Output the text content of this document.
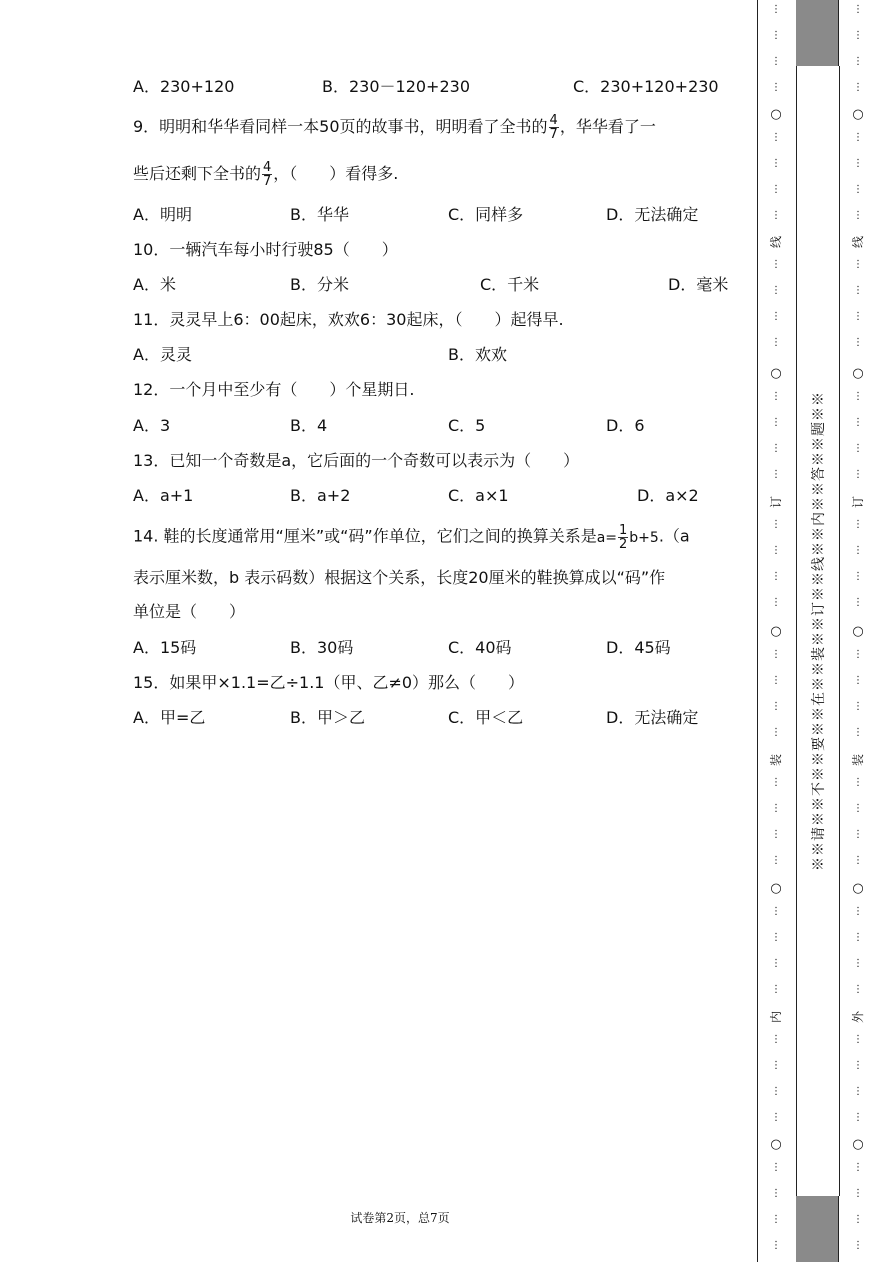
A．230+120	B．230－120+230	C．230+120+230
9．明明和华华看同样一本50页的故事书，明明看了全书的 $\frac{4}{7}$ ，华华看了一
些后还剩下全书的 $\frac{4}{7}$ ，（　　）看得多.
A．明明	B．华华	C．同样多	D．无法确定
10．一辆汽车每小时行驶85（　　）
A．米	B．分米	C．千米	D．毫米
11．灵灵早上6：00起床，欢欢6：30起床，（　　）起得早.
A．灵灵	B．欢欢
12．一个月中至少有（　　）个星期日.
A．3	B．4	C．5	D．6
13．已知一个奇数是a，它后面的一个奇数可以表示为（　　）
A．a+1	B．a+2	C．a×1	D．a×2
14. 鞋的长度通常用“厘米”或“码”作单位，它们之间的换算关系是$a= \frac{1}{2} b+5.(a$
表示厘米数，b 表示码数）根据这个关系，长度20厘米的鞋换算成以“码”作
单位是（　　）
A．15码	B．30码	C．40码	D．45码
15．如果甲×1.1=乙÷1.1（甲、乙≠0）那么（　　）
A．甲=乙	B．甲＞乙	C．甲＜乙	D．无法确定
试卷第2页，总7页
※※请※※不※※要※※在※※装※※订※※线※※内※※答※※题※※
⋮
⋮
⋮
⋮
⋮
⋮
⋮
⋮
⋮
⋮
⋮
⋮
⋮
⋮
⋮
⋮
⋮
⋮
⋮
⋮
⋮
⋮
⋮
⋮
⋮
⋮
⋮
⋮
⋮
⋮
⋮
⋮
⋮
⋮
⋮
⋮
⋮
⋮
⋮
⋮
○
线
○
订
○
装
○
内
○
⋮
⋮
⋮
⋮
⋮
⋮
⋮
⋮
⋮
⋮
⋮
⋮
⋮
⋮
⋮
⋮
⋮
⋮
⋮
⋮
⋮
⋮
⋮
⋮
⋮
⋮
⋮
⋮
⋮
⋮
⋮
⋮
⋮
⋮
⋮
⋮
⋮
⋮
⋮
⋮
○
线
○
订
○
装
○
外
○
